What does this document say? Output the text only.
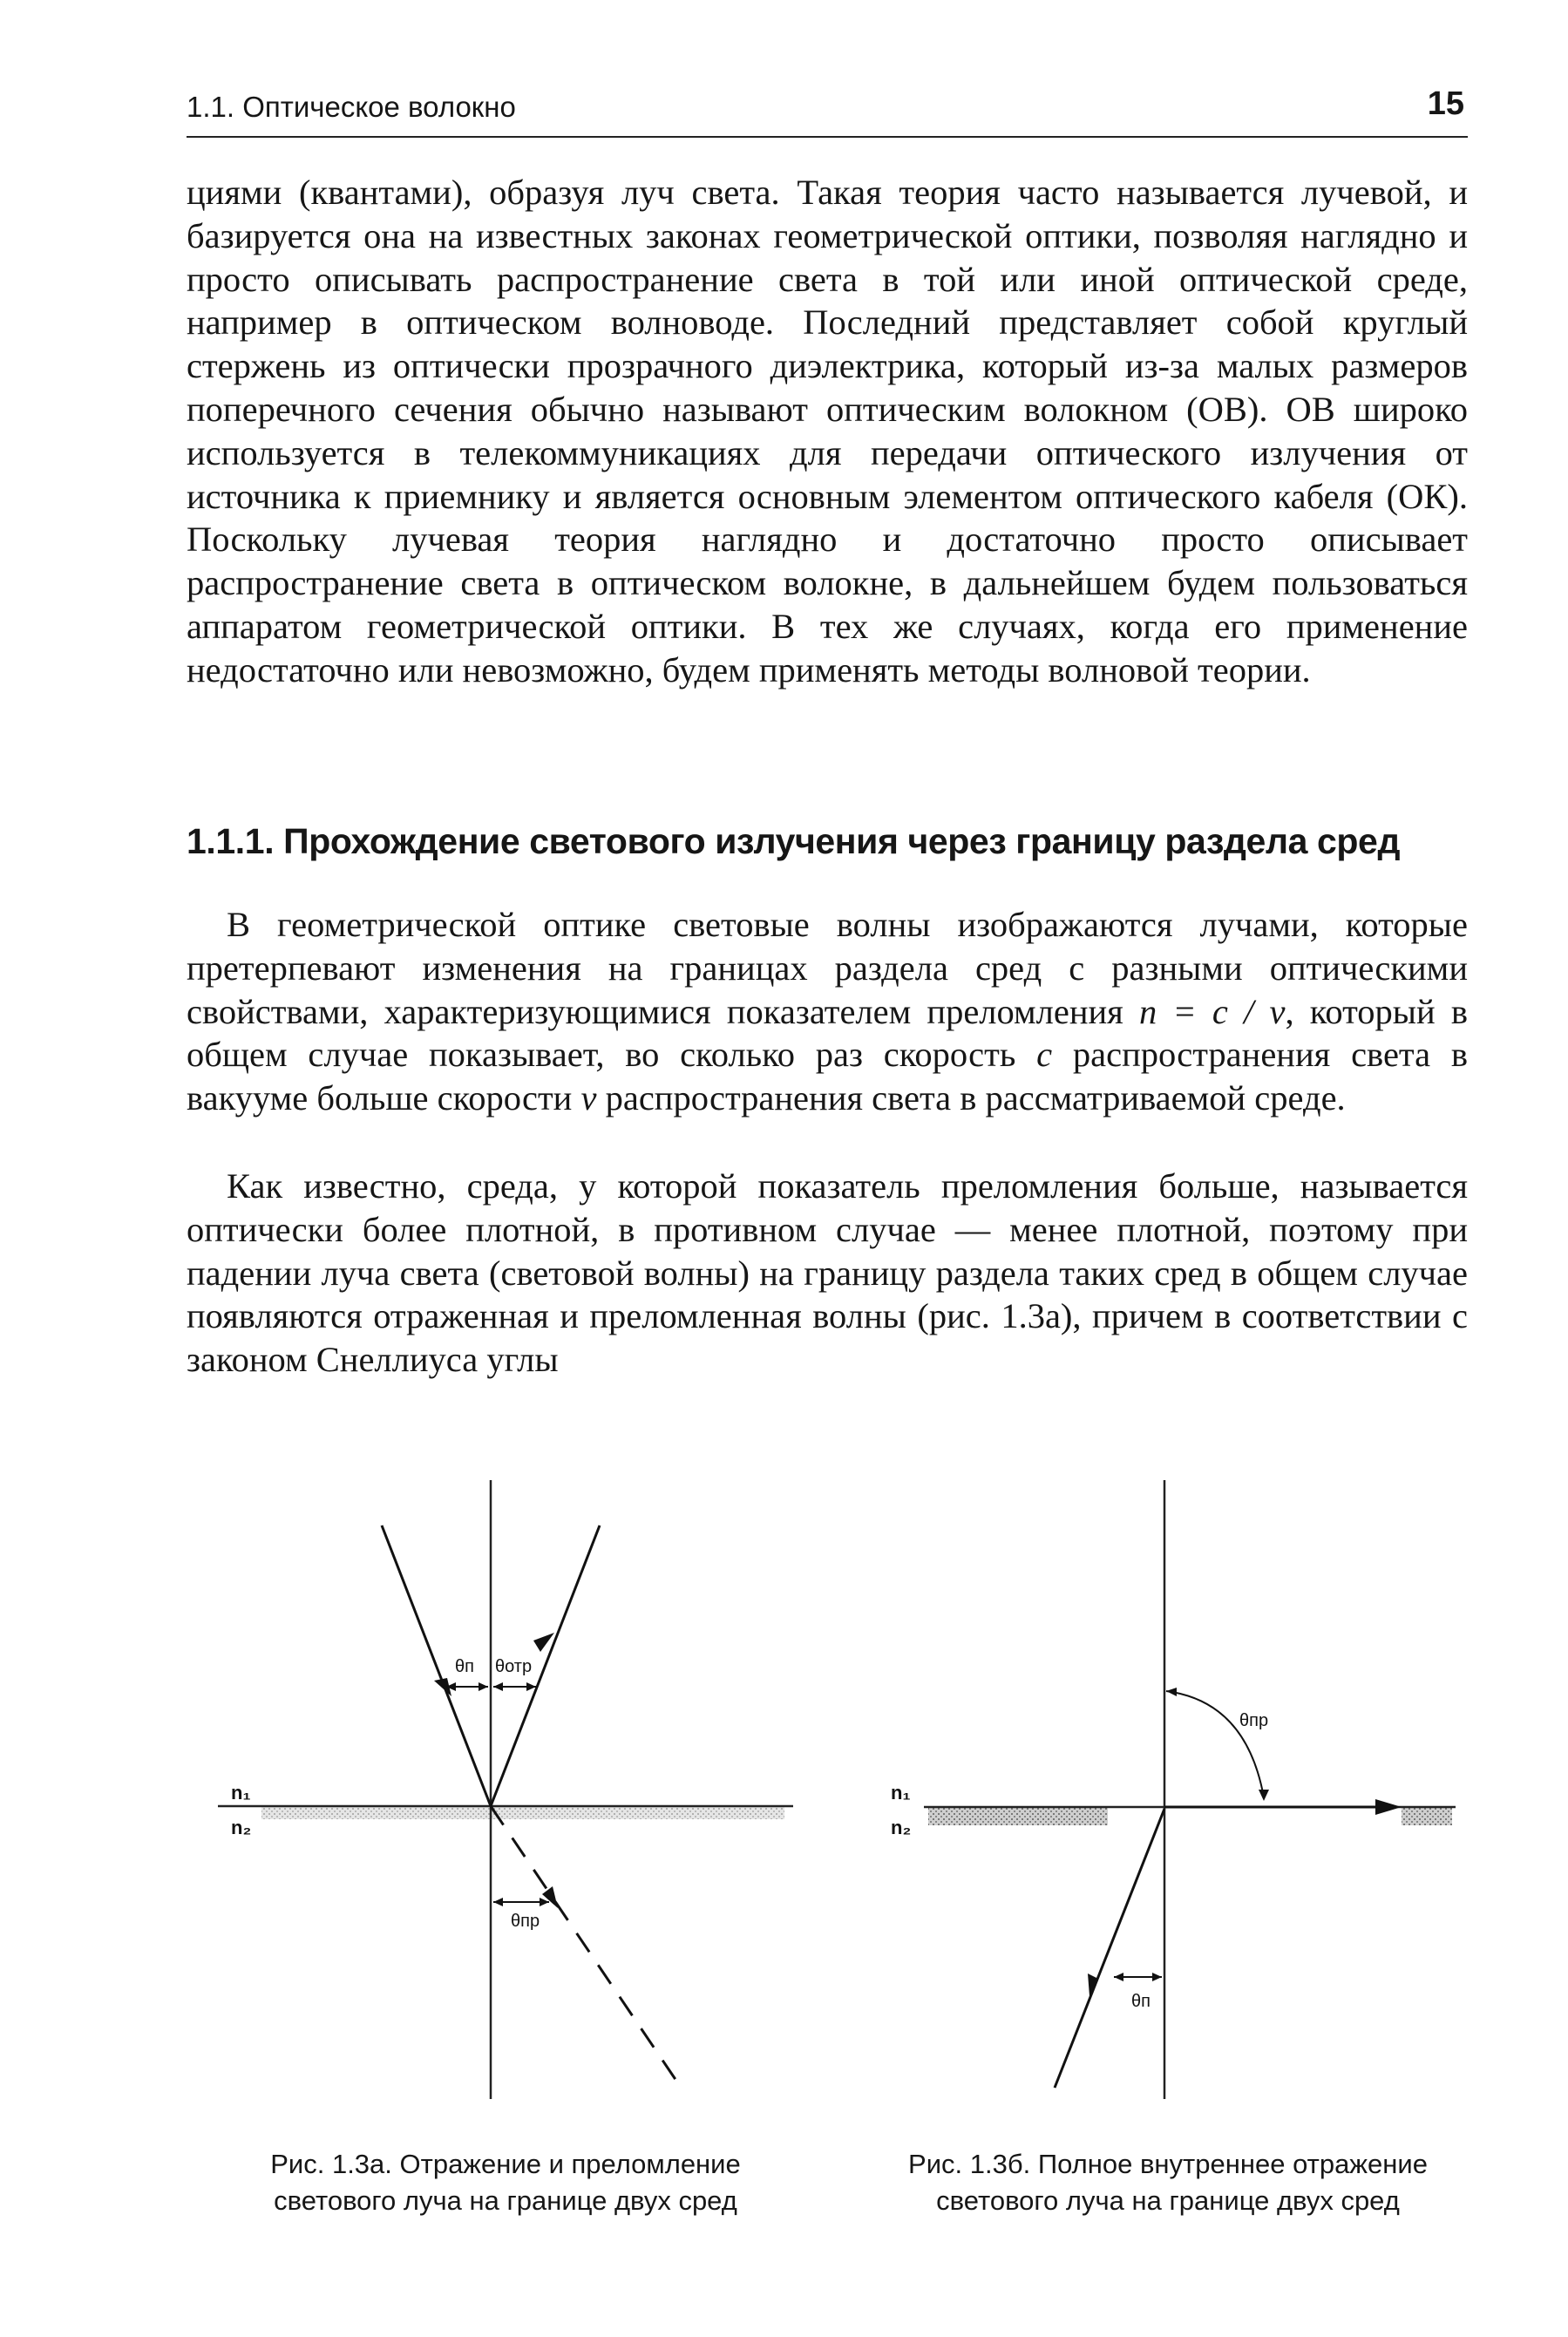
1.1. Оптическое волокно	15

циями (квантами), образуя луч света. Такая теория часто называется лучевой, и базируется она на известных законах геометрической оптики, позволяя наглядно и просто описывать распространение света в той или иной оптической среде, например в оптическом волноводе. Последний представляет собой круглый стержень из оптически прозрачного диэлектрика, который из-за малых размеров поперечного сечения обычно называют оптическим волокном (ОВ). ОВ широко используется в телекоммуникациях для передачи оптического излучения от источника к приемнику и является основным элементом оптического кабеля (ОК). Поскольку лучевая теория наглядно и достаточно просто описывает распространение света в оптическом волокне, в дальнейшем будем пользоваться аппаратом геометрической оптики. В тех же случаях, когда его применение недостаточно или невозможно, будем применять методы волновой теории.

1.1.1. Прохождение светового излучения через границу раздела сред

В геометрической оптике световые волны изображаются лучами, которые претерпевают изменения на границах раздела сред с разными оптическими свойствами, характеризующимися показателем преломления n = c / v, который в общем случае показывает, во сколько раз скорость c распространения света в вакууме больше скорости v распространения света в рассматриваемой среде.

Как известно, среда, у которой показатель преломления больше, называется оптически более плотной, в противном случае — менее плотной, поэтому при падении луча света (световой волны) на границу раздела таких сред в общем случае появляются отраженная и преломленная волны (рис. 1.3а), причем в соответствии с законом Снеллиуса углы

n₁
n₂
θп θотр
θпр
n₁
n₂
θпр
θп
Рис. 1.3а. Отражение и преломление
светового луча на границе двух сред
Рис. 1.3б. Полное внутреннее отражение
светового луча на границе двух сред
